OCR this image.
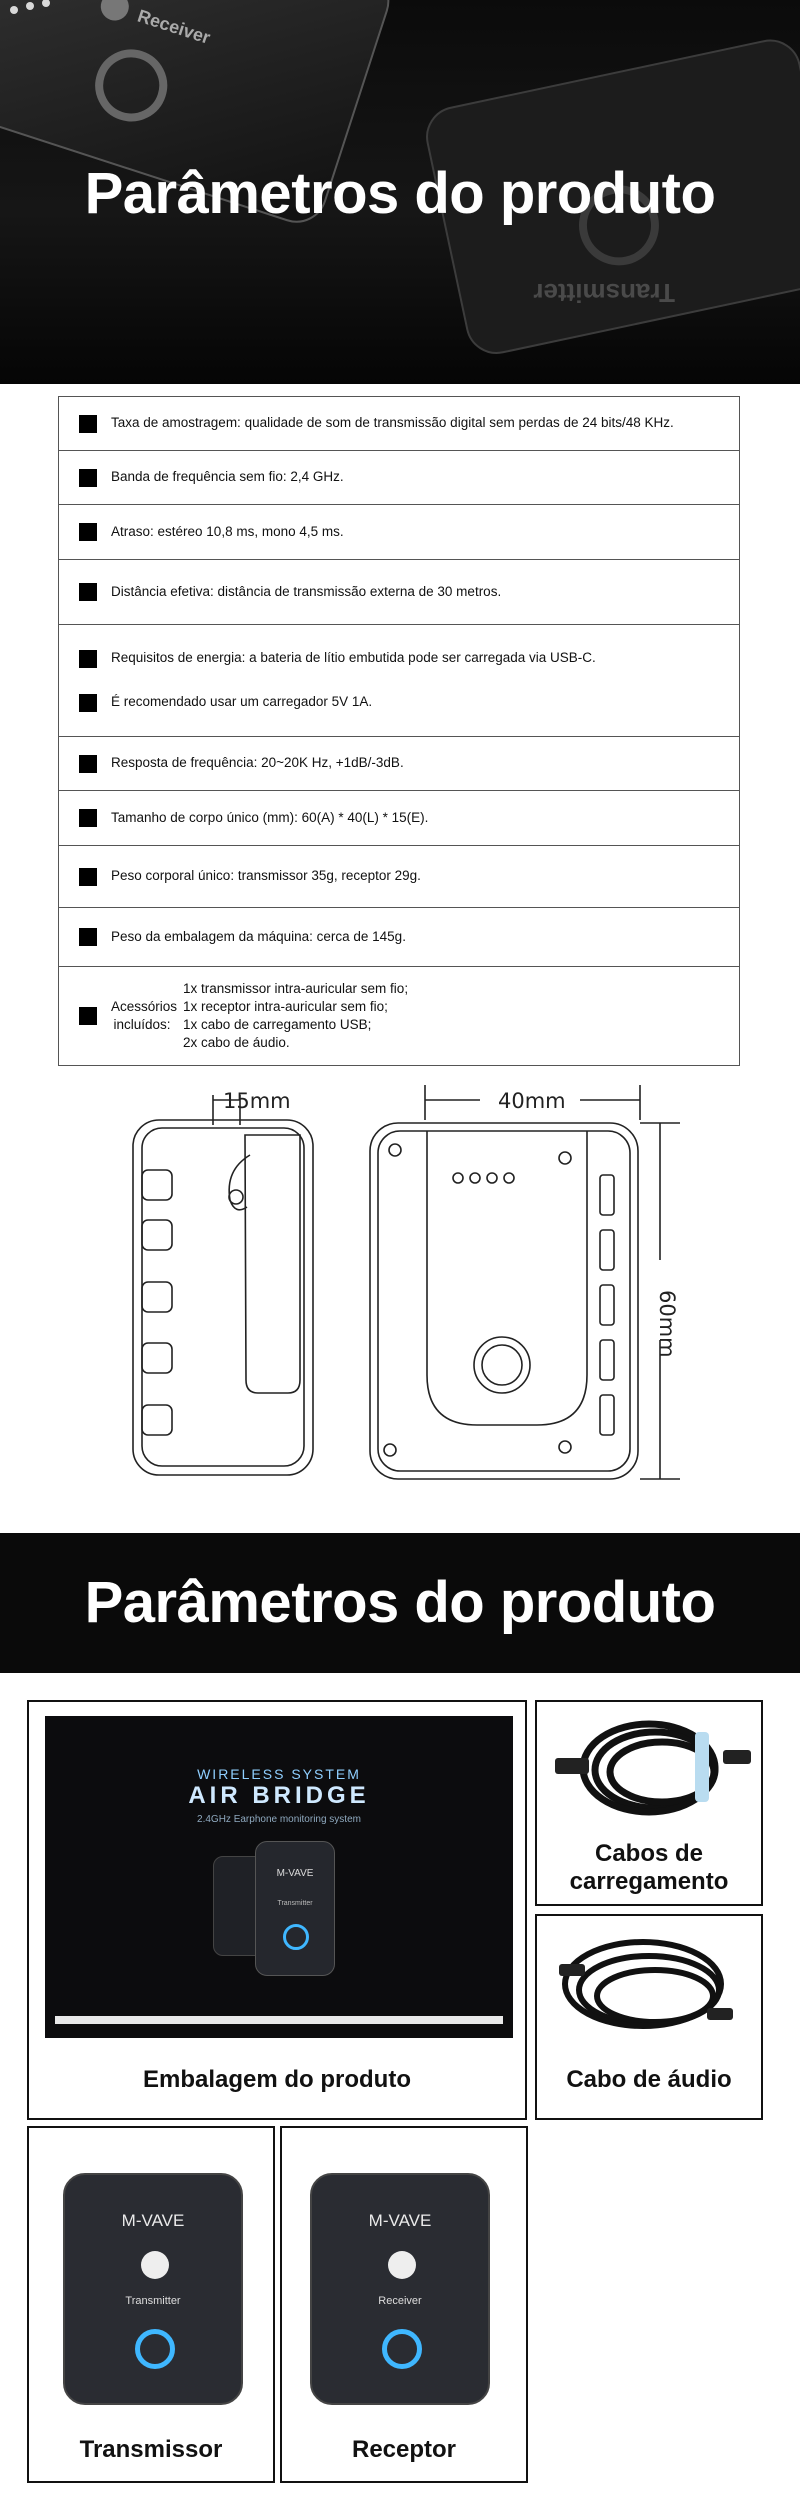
Receiver
Transmitter
Parâmetros do produto
Taxa de amostragem: qualidade de som de transmissão digital sem perdas de 24 bits/48 KHz.
Banda de frequência sem fio: 2,4 GHz.
Atraso: estéreo 10,8 ms, mono 4,5 ms.
Distância efetiva: distância de transmissão externa de 30 metros.
Requisitos de energia: a bateria de lítio embutida pode ser carregada via USB-C.
É recomendado usar um carregador 5V 1A.
Resposta de frequência: 20~20K Hz, +1dB/-3dB.
Tamanho de corpo único (mm): 60(A) * 40(L) * 15(E).
Peso corporal único: transmissor 35g, receptor 29g.
Peso da embalagem da máquina: cerca de 145g.
Acessórios incluídos:
1x transmissor intra-auricular sem fio;
1x receptor intra-auricular sem fio;
1x cabo de carregamento USB;
2x cabo de áudio.
15mm	40mm
60mm
Parâmetros do produto
WIRELESS SYSTEM
AIR BRIDGE
2.4GHz Earphone monitoring system
M-VAVE
Transmitter
Embalagem do produto
Cabos de carregamento
Cabo de áudio
M-VAVE
Transmitter
Transmissor
M-VAVE
Receiver
Receptor
